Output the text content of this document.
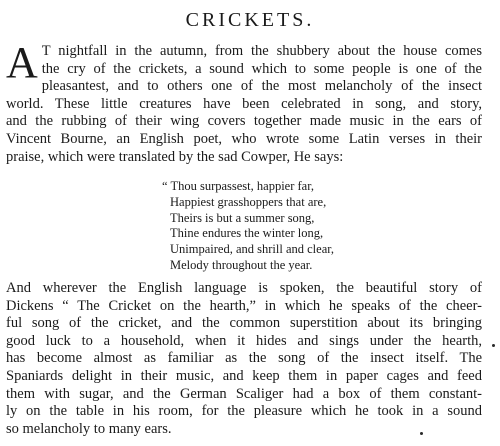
CRICKETS.
A T nightfall in the autumn, from the shubbery about the house comes
the cry of the crickets, a sound which to some people is one of the
pleasantest, and to others one of the most melancholy of the insect
world. These little creatures have been celebrated in song, and story,
and the rubbing of their wing covers together made music in the ears of
Vincent Bourne, an English poet, who wrote some Latin verses in their
praise, which were translated by the sad Cowper, He says:
“ Thou surpassest, happier far,
Happiest grasshoppers that are,
Theirs is but a summer song,
Thine endures the winter long,
Unimpaired, and shrill and clear,
Melody throughout the year.
And wherever the English language is spoken, the beautiful story of
Dickens “ The Cricket on the hearth,” in which he speaks of the cheer-
ful song of the cricket, and the common superstition about its bringing
good luck to a household, when it hides and sings under the hearth,
has become almost as familiar as the song of the insect itself. The
Spaniards delight in their music, and keep them in paper cages and feed
them with sugar, and the German Scaliger had a box of them constant-
ly on the table in his room, for the pleasure which he took in a sound
so melancholy to many ears.
